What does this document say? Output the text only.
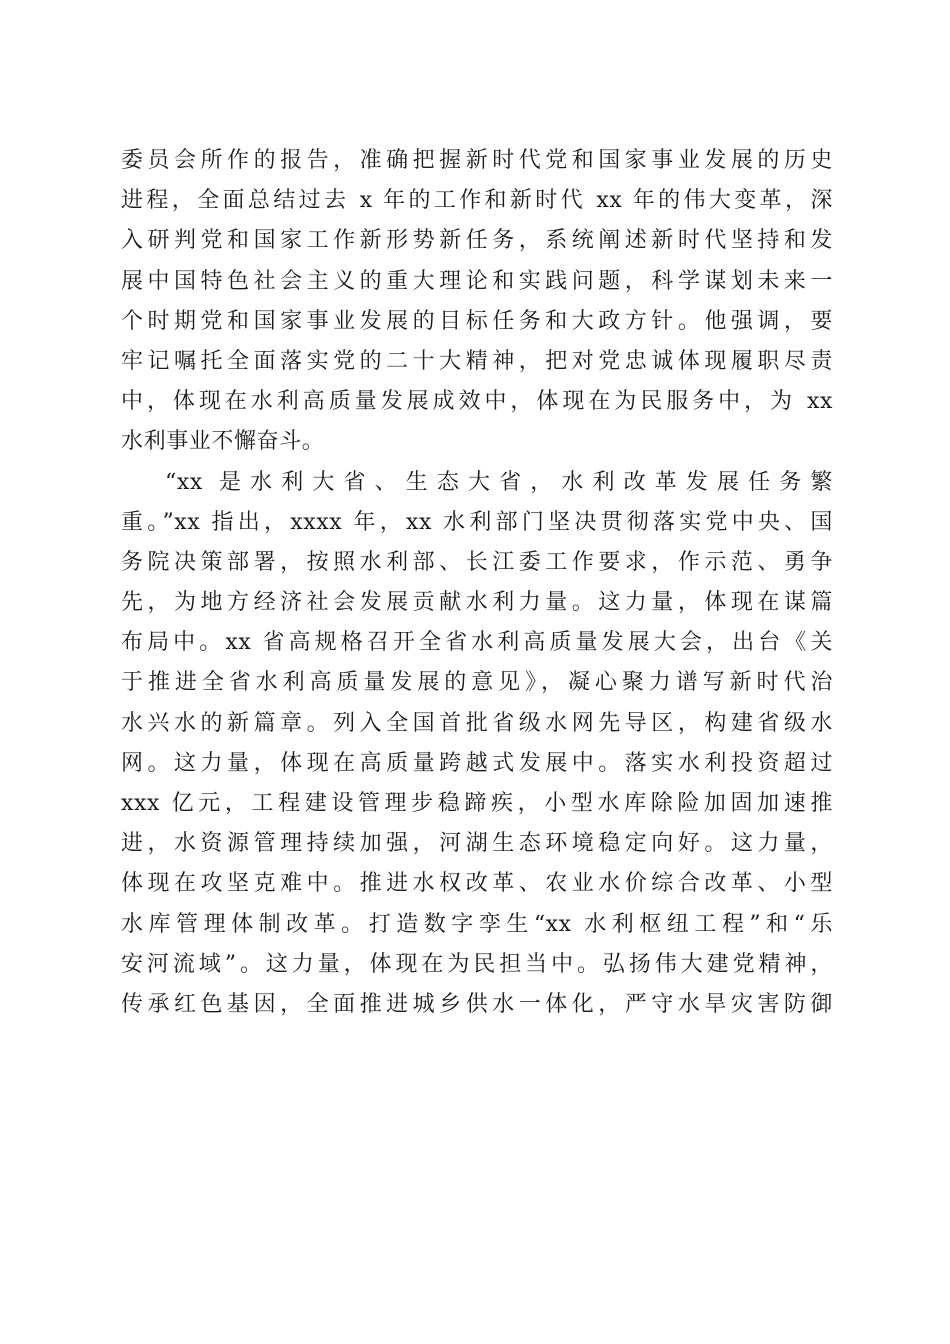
委员会所作的报告，准确把握新时代党和国家事业发展的历史
进程，全面总结过去 x 年的工作和新时代 xx 年的伟大变革，深
入研判党和国家工作新形势新任务，系统阐述新时代坚持和发
展中国特色社会主义的重大理论和实践问题，科学谋划未来一
个时期党和国家事业发展的目标任务和大政方针。他强调，要
牢记嘱托全面落实党的二十大精神，把对党忠诚体现履职尽责
中，体现在水利高质量发展成效中，体现在为民服务中，为 xx
水利事业不懈奋斗。
“xx 是水利大省、生态大省，水利改革发展任务繁
重。”xx 指出，xxxx 年，xx 水利部门坚决贯彻落实党中央、国
务院决策部署，按照水利部、长江委工作要求，作示范、勇争
先，为地方经济社会发展贡献水利力量。这力量，体现在谋篇
布局中。xx 省高规格召开全省水利高质量发展大会，出台《关
于推进全省水利高质量发展的意见》，凝心聚力谱写新时代治
水兴水的新篇章。列入全国首批省级水网先导区，构建省级水
网。这力量，体现在高质量跨越式发展中。落实水利投资超过
xxx 亿元，工程建设管理步稳蹄疾，小型水库除险加固加速推
进，水资源管理持续加强，河湖生态环境稳定向好。这力量，
体现在攻坚克难中。推进水权改革、农业水价综合改革、小型
水库管理体制改革。打造数字孪生“xx 水利枢纽工程”和“乐
安河流域”。这力量，体现在为民担当中。弘扬伟大建党精神，
传承红色基因，全面推进城乡供水一体化，严守水旱灾害防御
